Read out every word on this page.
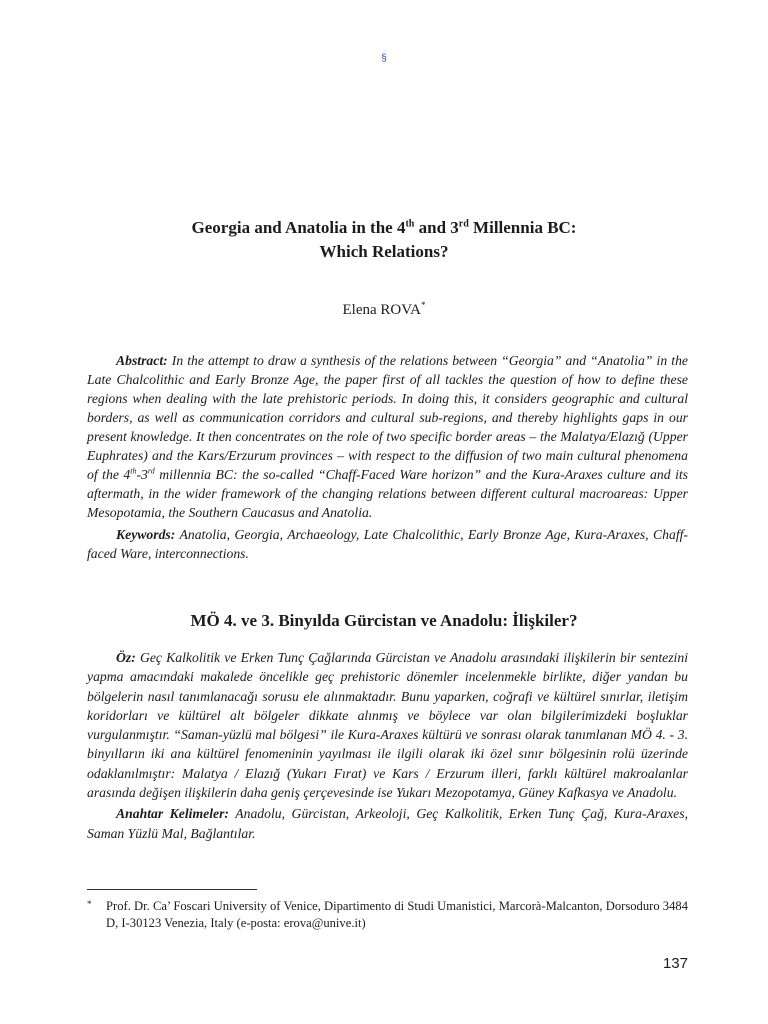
§
Georgia and Anatolia in the 4th and 3rd Millennia BC:
Which Relations?
Elena ROVA*

Abstract: In the attempt to draw a synthesis of the relations between “Georgia” and “Anatolia” in the Late Chalcolithic and Early Bronze Age, the paper first of all tackles the question of how to define these regions when dealing with the late prehistoric periods. In doing this, it considers geographic and cultural borders, as well as communication corridors and cultural sub-regions, and thereby highlights gaps in our present knowledge. It then concentrates on the role of two specific border areas – the Malatya/Elazığ (Upper Euphrates) and the Kars/Erzurum provinces – with respect to the diffusion of two main cultural phenomena of the 4th-3rd millennia BC: the so-called “Chaff-Faced Ware horizon” and the Kura-Araxes culture and its aftermath, in the wider framework of the changing relations between different cultural macroareas: Upper Mesopotamia, the Southern Caucasus and Anatolia.

Keywords: Anatolia, Georgia, Archaeology, Late Chalcolithic, Early Bronze Age, Kura-Araxes, Chaff-faced Ware, interconnections.

MÖ 4. ve 3. Binyılda Gürcistan ve Anadolu: İlişkiler?

Öz: Geç Kalkolitik ve Erken Tunç Çağlarında Gürcistan ve Anadolu arasındaki ilişkilerin bir sentezini yapma amacındaki makalede öncelikle geç prehistoric dönemler incelenmekle birlikte, diğer yandan bu bölgelerin nasıl tanımlanacağı sorusu ele alınmaktadır. Bunu yaparken, coğrafi ve kültürel sınırlar, iletişim koridorları ve kültürel alt bölgeler dikkate alınmış ve böylece var olan bilgilerimizdeki boşluklar vurgulanmıştır. “Saman-yüzlü mal bölgesi” ile Kura-Araxes kültürü ve sonrası olarak tanımlanan MÖ 4. - 3. binyılların iki ana kültürel fenomeninin yayılması ile ilgili olarak iki özel sınır bölgesinin rolü üzerinde odaklanılmıştır: Malatya / Elazığ (Yukarı Fırat) ve Kars / Erzurum illeri, farklı kültürel makroalanlar arasında değişen ilişkilerin daha geniş çerçevesinde ise Yukarı Mezopotamya, Güney Kafkasya ve Anadolu.

Anahtar Kelimeler: Anadolu, Gürcistan, Arkeoloji, Geç Kalkolitik, Erken Tunç Çağ, Kura-Araxes, Saman Yüzlü Mal, Bağlantılar.

* Prof. Dr. Ca’ Foscari University of Venice, Dipartimento di Studi Umanistici, Marcorà-Malcanton, Dorsoduro 3484 D, I-30123 Venezia, Italy (e-posta: erova@unive.it)
137
